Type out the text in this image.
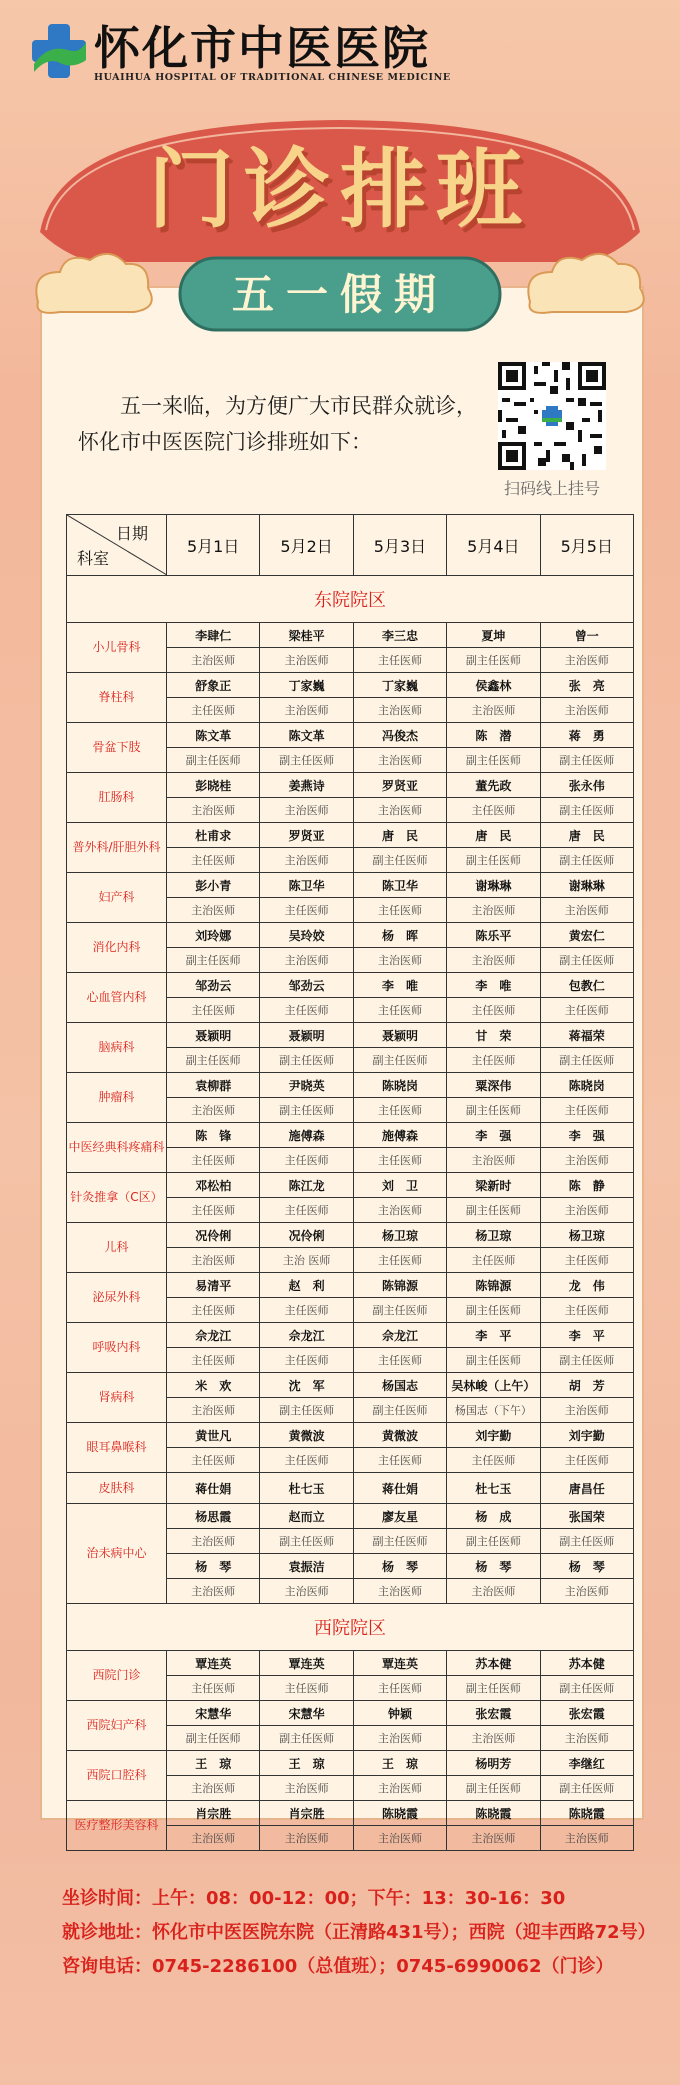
怀化市中医医院
HUAIHUA HOSPITAL OF TRADITIONAL CHINESE MEDICINE
门诊排班
五一假期
五一来临，为方便广大市民群众就诊，
怀化市中医医院门诊排班如下：
扫码线上挂号
日期
科室	5月1日	5月2日	5月3日	5月4日	5月5日
东院院区					
小儿骨科	李肆仁	梁桂平	李三忠	夏坤	曾一
	主治医师	主治医师	主任医师	副主任医师	主治医师
脊柱科	舒象正	丁家巍	丁家巍	侯鑫林	张　亮
	主任医师	主治医师	主治医师	主治医师	主治医师
骨盆下肢	陈文革	陈文革	冯俊杰	陈　潜	蒋　勇
	副主任医师	副主任医师	主治医师	副主任医师	副主任医师
肛肠科	彭晓桂	姜燕诗	罗贤亚	董先政	张永伟
	主治医师	主治医师	主治医师	主任医师	副主任医师
普外科/肝胆外科	杜甫求	罗贤亚	唐　民	唐　民	唐　民
	主任医师	主治医师	副主任医师	副主任医师	副主任医师
妇产科	彭小青	陈卫华	陈卫华	谢琳琳	谢琳琳
	主治医师	主任医师	主任医师	主治医师	主治医师
消化内科	刘玲娜	吴玲姣	杨　晖	陈乐平	黄宏仁
	副主任医师	主治医师	主治医师	主治医师	副主任医师
心血管内科	邹劲云	邹劲云	李　唯	李　唯	包教仁
	主任医师	主任医师	主任医师	主任医师	主任医师
脑病科	聂颖明	聂颖明	聂颖明	甘　荣	蒋福荣
	副主任医师	副主任医师	副主任医师	主任医师	副主任医师
肿瘤科	袁柳群	尹晓英	陈晓岗	粟深伟	陈晓岗
	主治医师	副主任医师	主任医师	副主任医师	主任医师
中医经典科疼痛科	陈　锋	施傅森	施傅森	李　强	李　强
	主任医师	主任医师	主任医师	主治医师	主治医师
针灸推拿（C区）	邓松柏	陈江龙	刘　卫	梁新时	陈　静
	主任医师	主任医师	主治医师	副主任医师	主治医师
儿科	况伶俐	况伶俐	杨卫琼	杨卫琼	杨卫琼
	主治医师	主治 医师	主任医师	主任医师	主任医师
泌尿外科	易清平	赵　利	陈锦源	陈锦源	龙　伟
	主任医师	主任医师	副主任医师	副主任医师	主任医师
呼吸内科	佘龙江	佘龙江	佘龙江	李　平	李　平
	主任医师	主任医师	主任医师	副主任医师	副主任医师
肾病科	米　欢	沈　军	杨国志	吴林峻（上午）	胡　芳
	主治医师	副主任医师	副主任医师	杨国志（下午）	主治医师
眼耳鼻喉科	黄世凡	黄微波	黄微波	刘宇勤	刘宇勤
	主任医师	主任医师	主任医师	主任医师	主任医师
皮肤科	蒋仕娟	杜七玉	蒋仕娟	杜七玉	唐昌任
治未病中心	杨思霞	赵而立	廖友星	杨　成	张国荣
	主治医师	副主任医师	副主任医师	副主任医师	副主任医师
	杨　琴	袁振洁	杨　琴	杨　琴	杨　琴
	主治医师	主治医师	主治医师	主治医师	主治医师
西院院区					
西院门诊	覃连英	覃连英	覃连英	苏本健	苏本健
	主任医师	主任医师	主任医师	副主任医师	副主任医师
西院妇产科	宋慧华	宋慧华	钟颖	张宏霞	张宏霞
	副主任医师	副主任医师	主治医师	主治医师	主治医师
西院口腔科	王　琼	王　琼	王　琼	杨明芳	李继红
	主治医师	主治医师	主治医师	副主任医师	副主任医师
医疗整形美容科	肖宗胜	肖宗胜	陈晓霞	陈晓霞	陈晓霞
	主治医师	主治医师	主治医师	主治医师	主治医师
坐诊时间：上午：08：00-12：00；下午：13：30-16：30
就诊地址：怀化市中医医院东院（正清路431号）；西院（迎丰西路72号）
咨询电话：0745-2286100（总值班）；0745-6990062（门诊）
